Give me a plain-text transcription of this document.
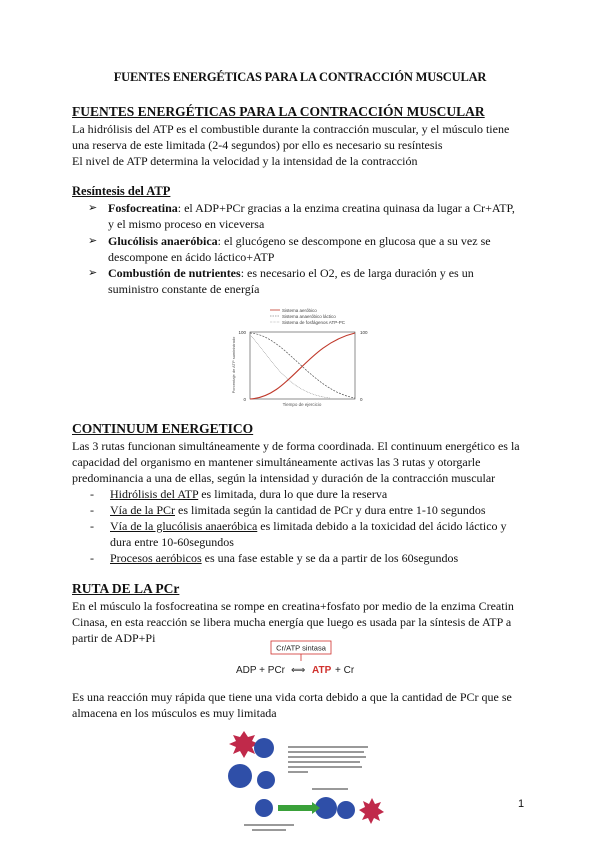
FUENTES ENERGÉTICAS PARA LA CONTRACCIÓN MUSCULAR
FUENTES ENERGÉTICAS PARA LA CONTRACCIÓN MUSCULAR
La hidrólisis del ATP es el combustible durante la contracción muscular, y el músculo tiene
una reserva de este limitada (2-4 segundos) por ello es necesario su resíntesis
El nivel de ATP determina la velocidad y la intensidad de la contracción
Resíntesis del ATP
➢ Fosfocreatina: el ADP+PCr gracias a la enzima creatina quinasa da lugar a Cr+ATP,
y el mismo proceso en viceversa
➢ Glucólisis anaeróbica: el glucógeno se descompone en glucosa que a su vez se
descompone en ácido láctico+ATP
➢ Combustión de nutrientes: es necesario el O2, es de larga duración y es un
suministro constante de energía
Sistema aeróbico
Sistema anaeróbico láctico
Sistema de fosfágenos ATP-PC
100
0
100
0
Porcentaje de ATP suministrado
Tiempo de ejercicio
CONTINUUM ENERGETICO
Las 3 rutas funcionan simultáneamente y de forma coordinada. El continuum energético es la
capacidad del organismo en mantener simultáneamente activas las 3 rutas y otorgarle
predominancia a una de ellas, según la intensidad y duración de la contracción muscular
- Hidrólisis del ATP es limitada, dura lo que dure la reserva
- Vía de la PCr es limitada según la cantidad de PCr y dura entre 1-10 segundos
- Vía de la glucólisis anaeróbica es limitada debido a la toxicidad del ácido láctico y
dura entre 10-60segundos
- Procesos aeróbicos es una fase estable y se da a partir de los 60segundos
RUTA DE LA PCr
En el músculo la fosfocreatina se rompe en creatina+fosfato por medio de la enzima Creatin
Cinasa, en esta reacción se libera mucha energía que luego es usada par la síntesis de ATP a
partir de ADP+Pi
Cr/ATP sintasa
ADP + PCr ⟺ ATP + Cr
Es una reacción muy rápida que tiene una vida corta debido a que la cantidad de PCr que se
almacena en los músculos es muy limitada
1
